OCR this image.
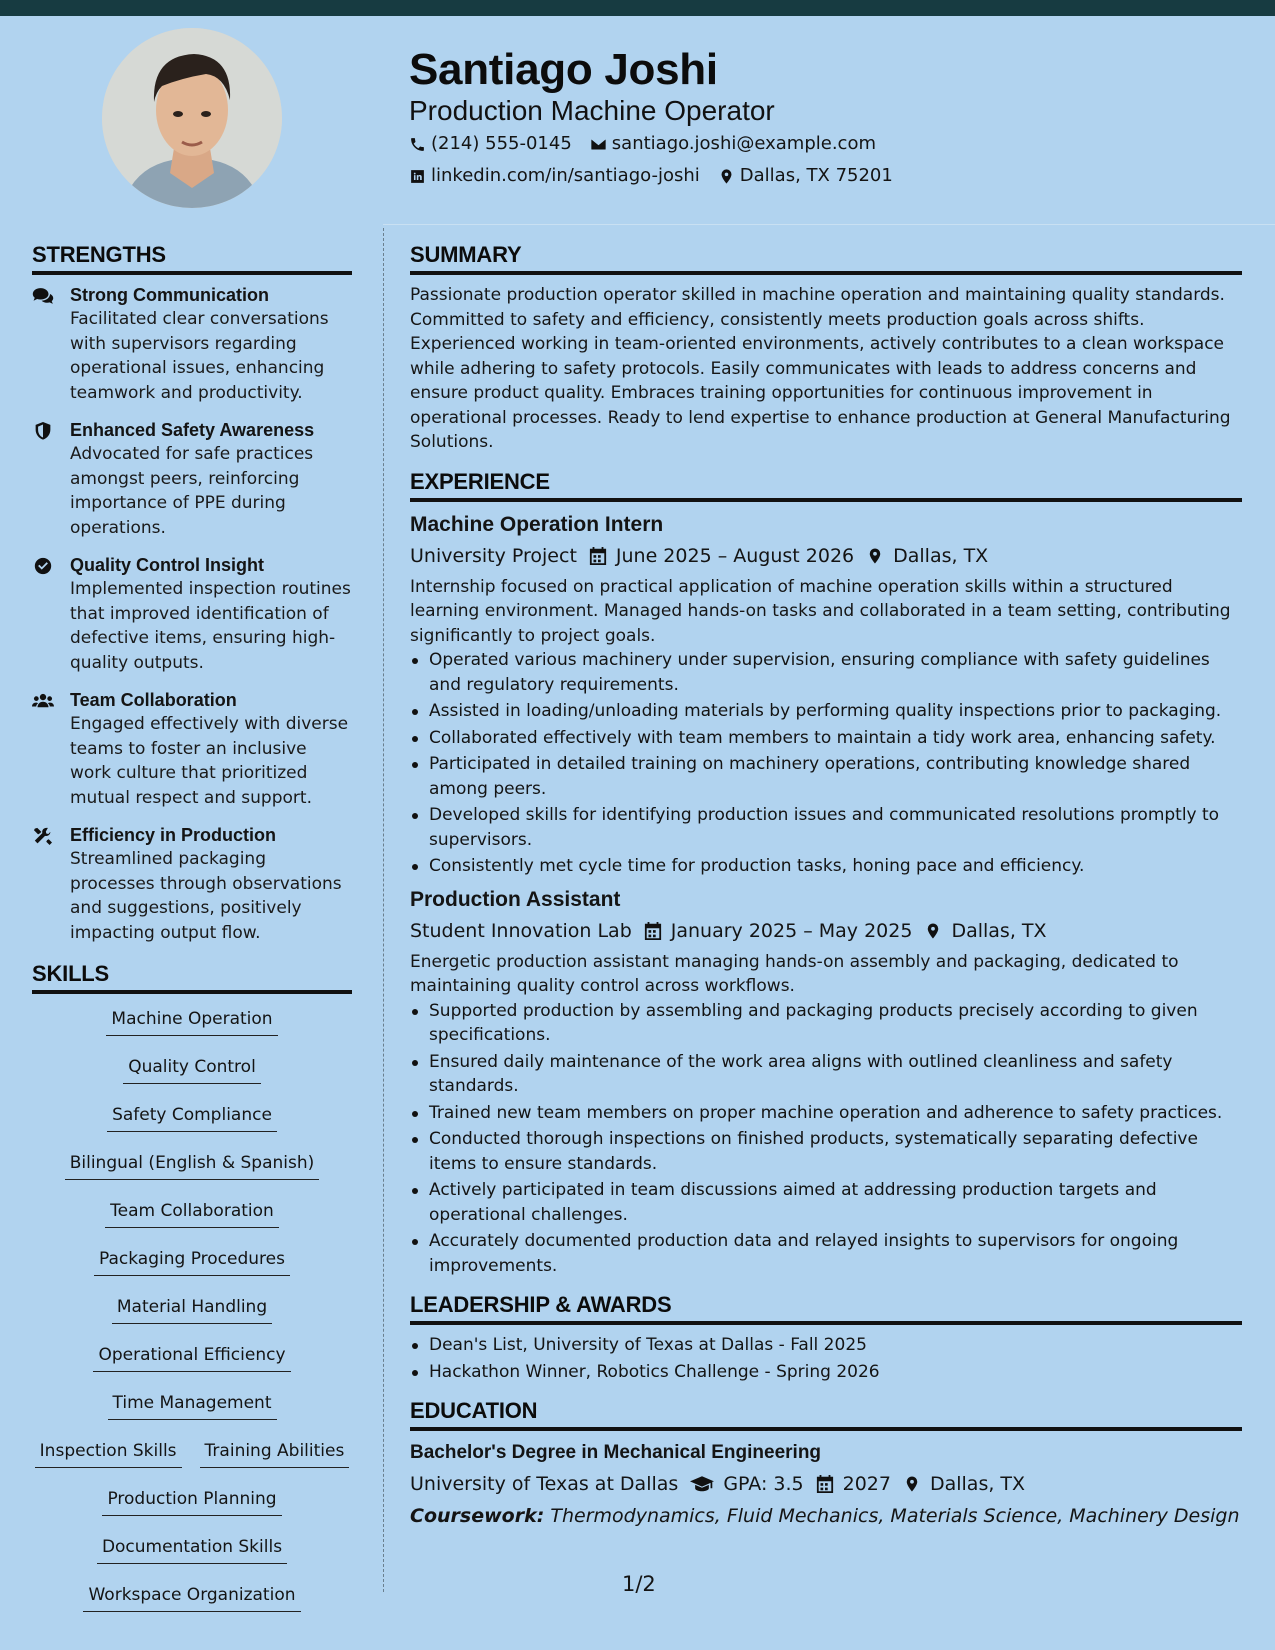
Santiago Joshi
Production Machine Operator
(214) 555-0145 santiago.joshi@example.com
linkedin.com/in/santiago-joshi Dallas, TX 75201
STRENGTHS
Strong Communication
Facilitated clear conversations with supervisors regarding operational issues, enhancing teamwork and productivity.
Enhanced Safety Awareness
Advocated for safe practices amongst peers, reinforcing importance of PPE during operations.
Quality Control Insight
Implemented inspection routines that improved identification of defective items, ensuring high-quality outputs.
Team Collaboration
Engaged effectively with diverse teams to foster an inclusive work culture that prioritized mutual respect and support.
Efficiency in Production
Streamlined packaging processes through observations and suggestions, positively impacting output flow.
SKILLS
Machine Operation
Quality Control
Safety Compliance
Bilingual (English & Spanish)
Team Collaboration
Packaging Procedures
Material Handling
Operational Efficiency
Time Management
Inspection Skills Training Abilities
Production Planning
Documentation Skills
Workspace Organization
SUMMARY
Passionate production operator skilled in machine operation and maintaining quality standards. Committed to safety and efficiency, consistently meets production goals across shifts. Experienced working in team-oriented environments, actively contributes to a clean workspace while adhering to safety protocols. Easily communicates with leads to address concerns and ensure product quality. Embraces training opportunities for continuous improvement in operational processes. Ready to lend expertise to enhance production at General Manufacturing Solutions.
EXPERIENCE
Machine Operation Intern
University Project June 2025 – August 2026 Dallas, TX
Internship focused on practical application of machine operation skills within a structured learning environment. Managed hands-on tasks and collaborated in a team setting, contributing significantly to project goals.
Operated various machinery under supervision, ensuring compliance with safety guidelines and regulatory requirements.
Assisted in loading/unloading materials by performing quality inspections prior to packaging.
Collaborated effectively with team members to maintain a tidy work area, enhancing safety.
Participated in detailed training on machinery operations, contributing knowledge shared among peers.
Developed skills for identifying production issues and communicated resolutions promptly to supervisors.
Consistently met cycle time for production tasks, honing pace and efficiency.
Production Assistant
Student Innovation Lab January 2025 – May 2025 Dallas, TX
Energetic production assistant managing hands-on assembly and packaging, dedicated to maintaining quality control across workflows.
Supported production by assembling and packaging products precisely according to given specifications.
Ensured daily maintenance of the work area aligns with outlined cleanliness and safety standards.
Trained new team members on proper machine operation and adherence to safety practices.
Conducted thorough inspections on finished products, systematically separating defective items to ensure standards.
Actively participated in team discussions aimed at addressing production targets and operational challenges.
Accurately documented production data and relayed insights to supervisors for ongoing improvements.
LEADERSHIP & AWARDS
Dean's List, University of Texas at Dallas - Fall 2025
Hackathon Winner, Robotics Challenge - Spring 2026
EDUCATION
Bachelor's Degree in Mechanical Engineering
University of Texas at Dallas GPA: 3.5 2027 Dallas, TX
Coursework: Thermodynamics, Fluid Mechanics, Materials Science, Machinery Design
1/2
